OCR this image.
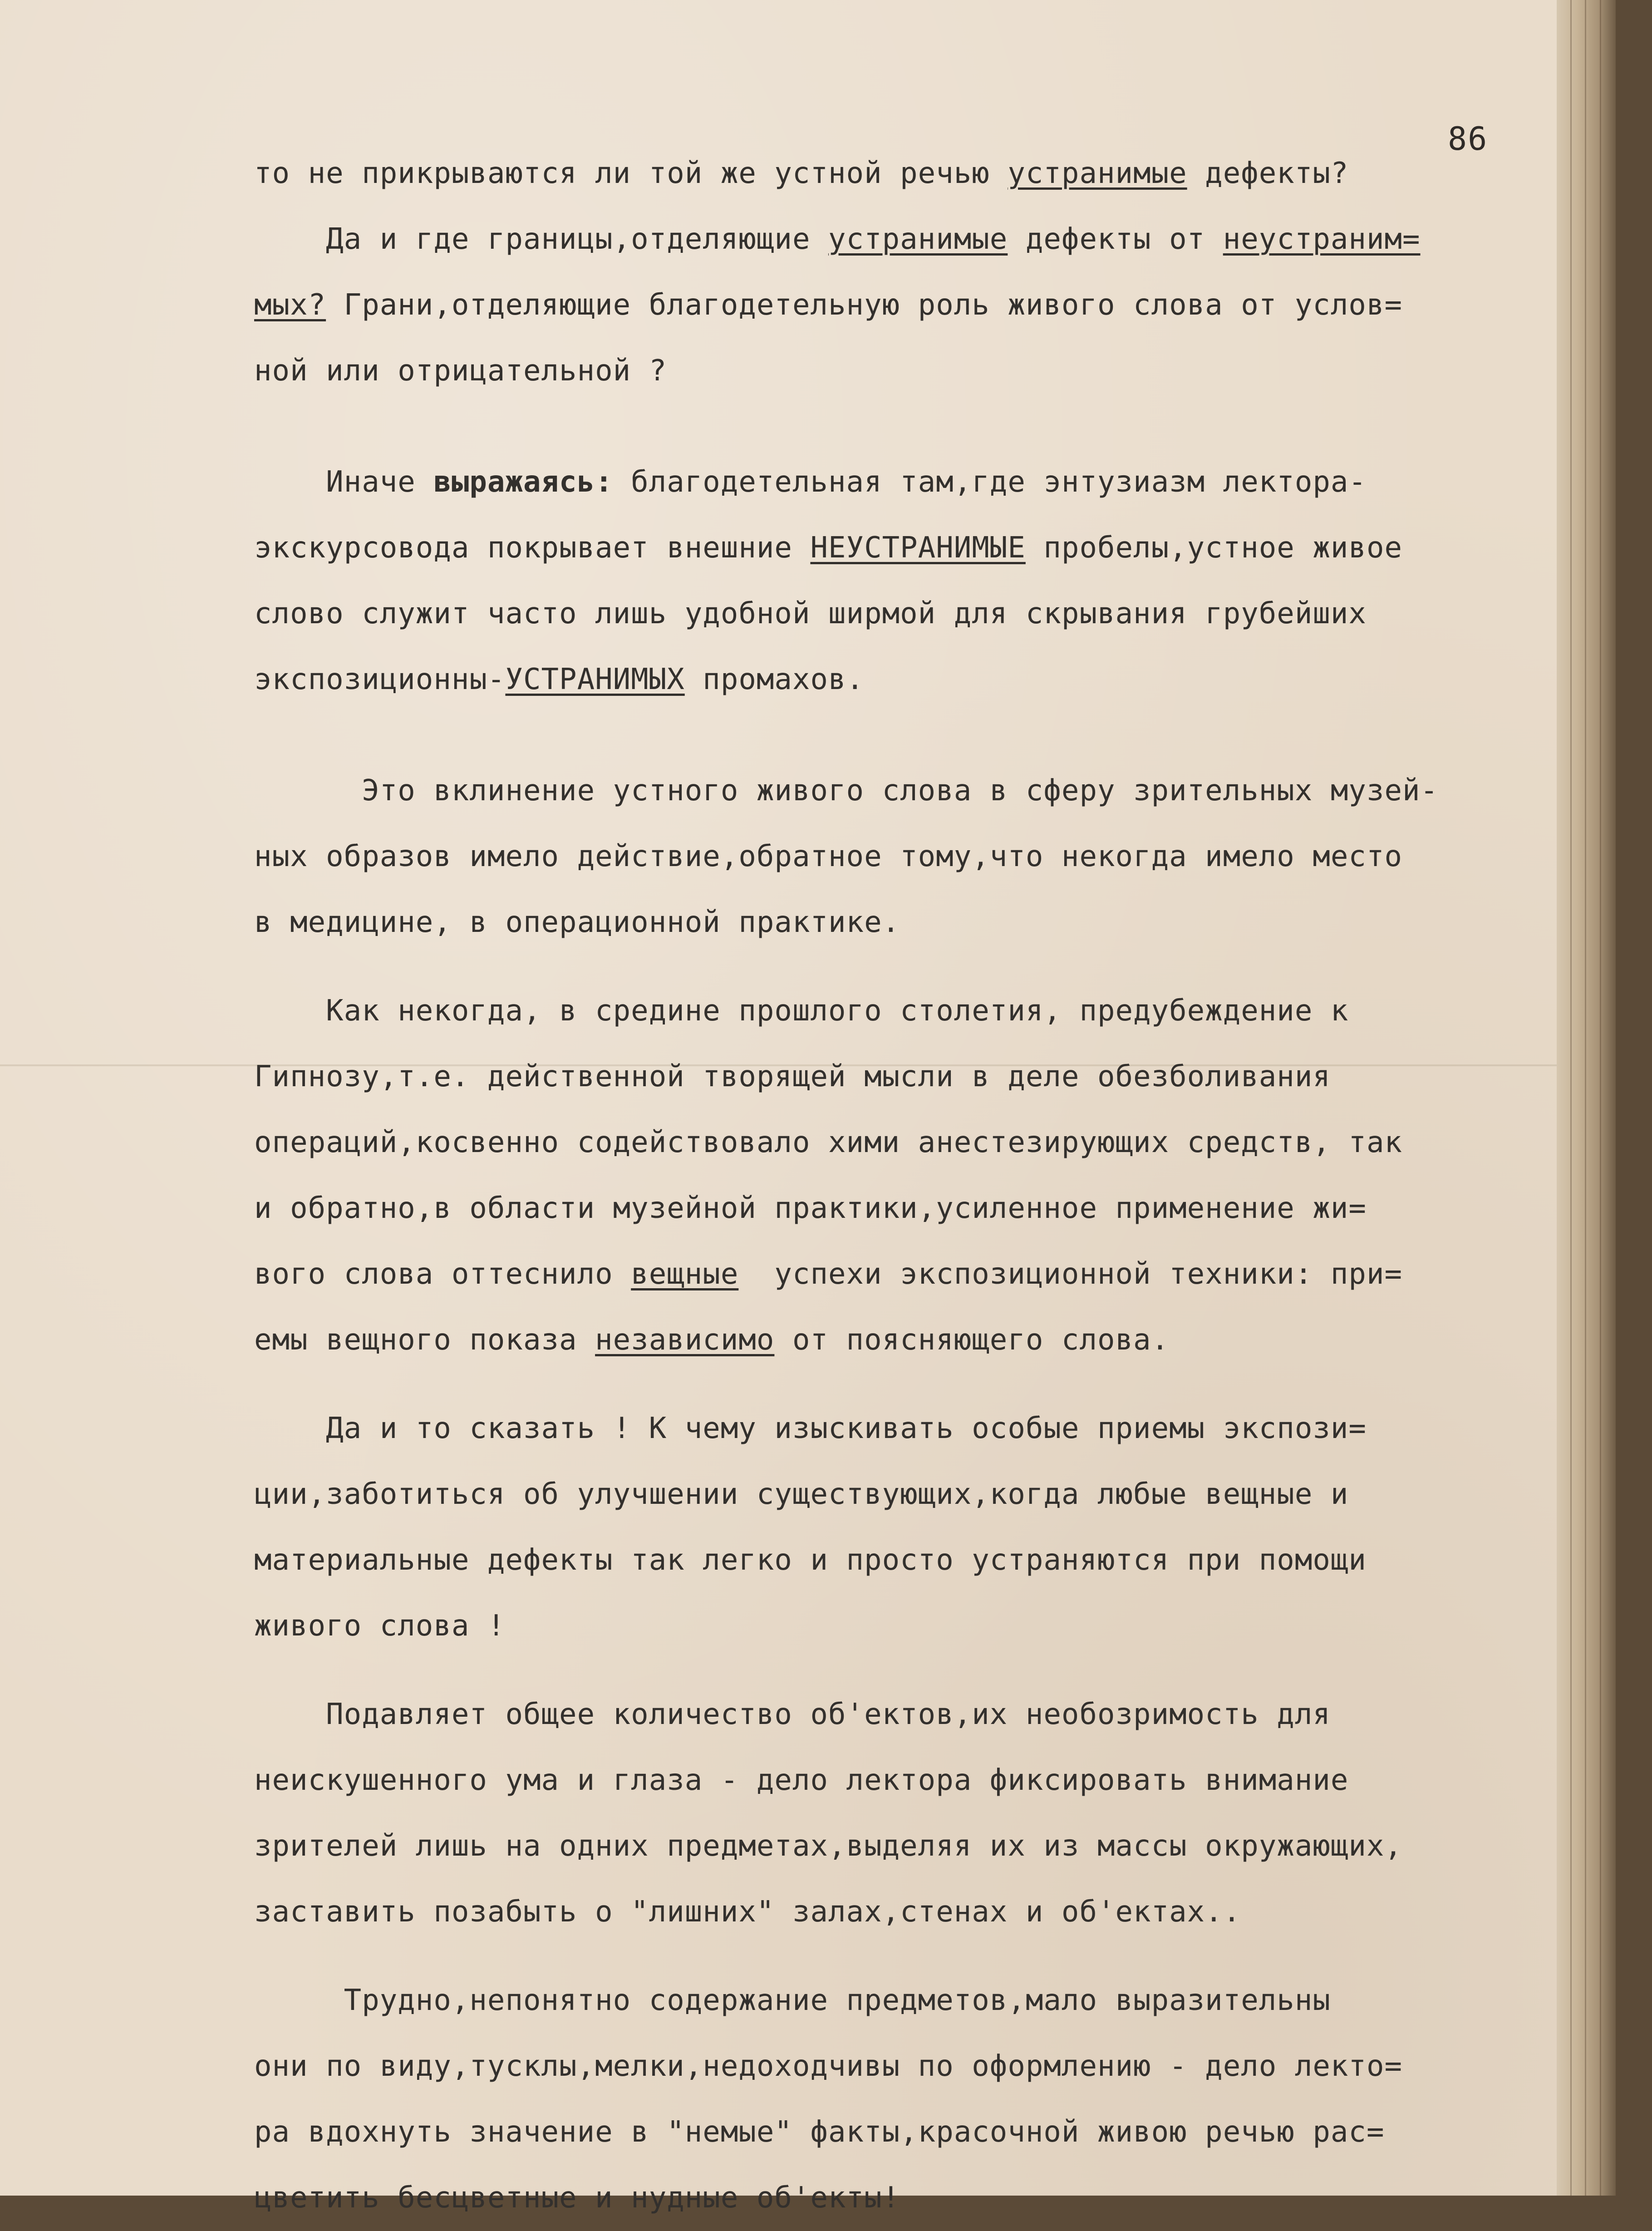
86
то не прикрываются ли той же устной речью устранимые дефекты?
Да и где границы,отделяющие устранимые дефекты от неустраним=
мых? Грани,отделяющие благодетельную роль живого слова от услов=
ной или отрицательной ?
Иначе выражаясь: благодетельная там,где энтузиазм лектора-
экскурсовода покрывает внешние НЕУСТРАНИМЫЕ пробелы,устное живое
слово служит часто лишь удобной ширмой для скрывания грубейших
экспозиционны-УСТРАНИМЫХ промахов.
Это вклинение устного живого слова в сферу зрительных музей-
ных образов имело действие,обратное тому,что некогда имело место
в медицине, в операционной практике.
Как некогда, в средине прошлого столетия, предубеждение к
Гипнозу,т.е. действенной творящей мысли в деле обезболивания
операций,косвенно содействовало хими анестезирующих средств, так
и обратно,в области музейной практики,усиленное применение жи=
вого слова оттеснило вещные  успехи экспозиционной техники: при=
емы вещного показа независимо от поясняющего слова.
Да и то сказать ! К чему изыскивать особые приемы экспози=
ции,заботиться об улучшении существующих,когда любые вещные и
материальные дефекты так легко и просто устраняются при помощи
живого слова !
Подавляет общее количество об'ектов,их необозримость для
неискушенного ума и глаза - дело лектора фиксировать внимание
зрителей лишь на одних предметах,выделяя их из массы окружающих,
заставить позабыть о "лишних" залах,стенах и об'ектах..
Трудно,непонятно содержание предметов,мало выразительны
они по виду,тусклы,мелки,недоходчивы по оформлению - дело лекто=
ра вдохнуть значение в "немые" факты,красочной живою речью рас=
цветить бесцветные и нудные об'екты!
